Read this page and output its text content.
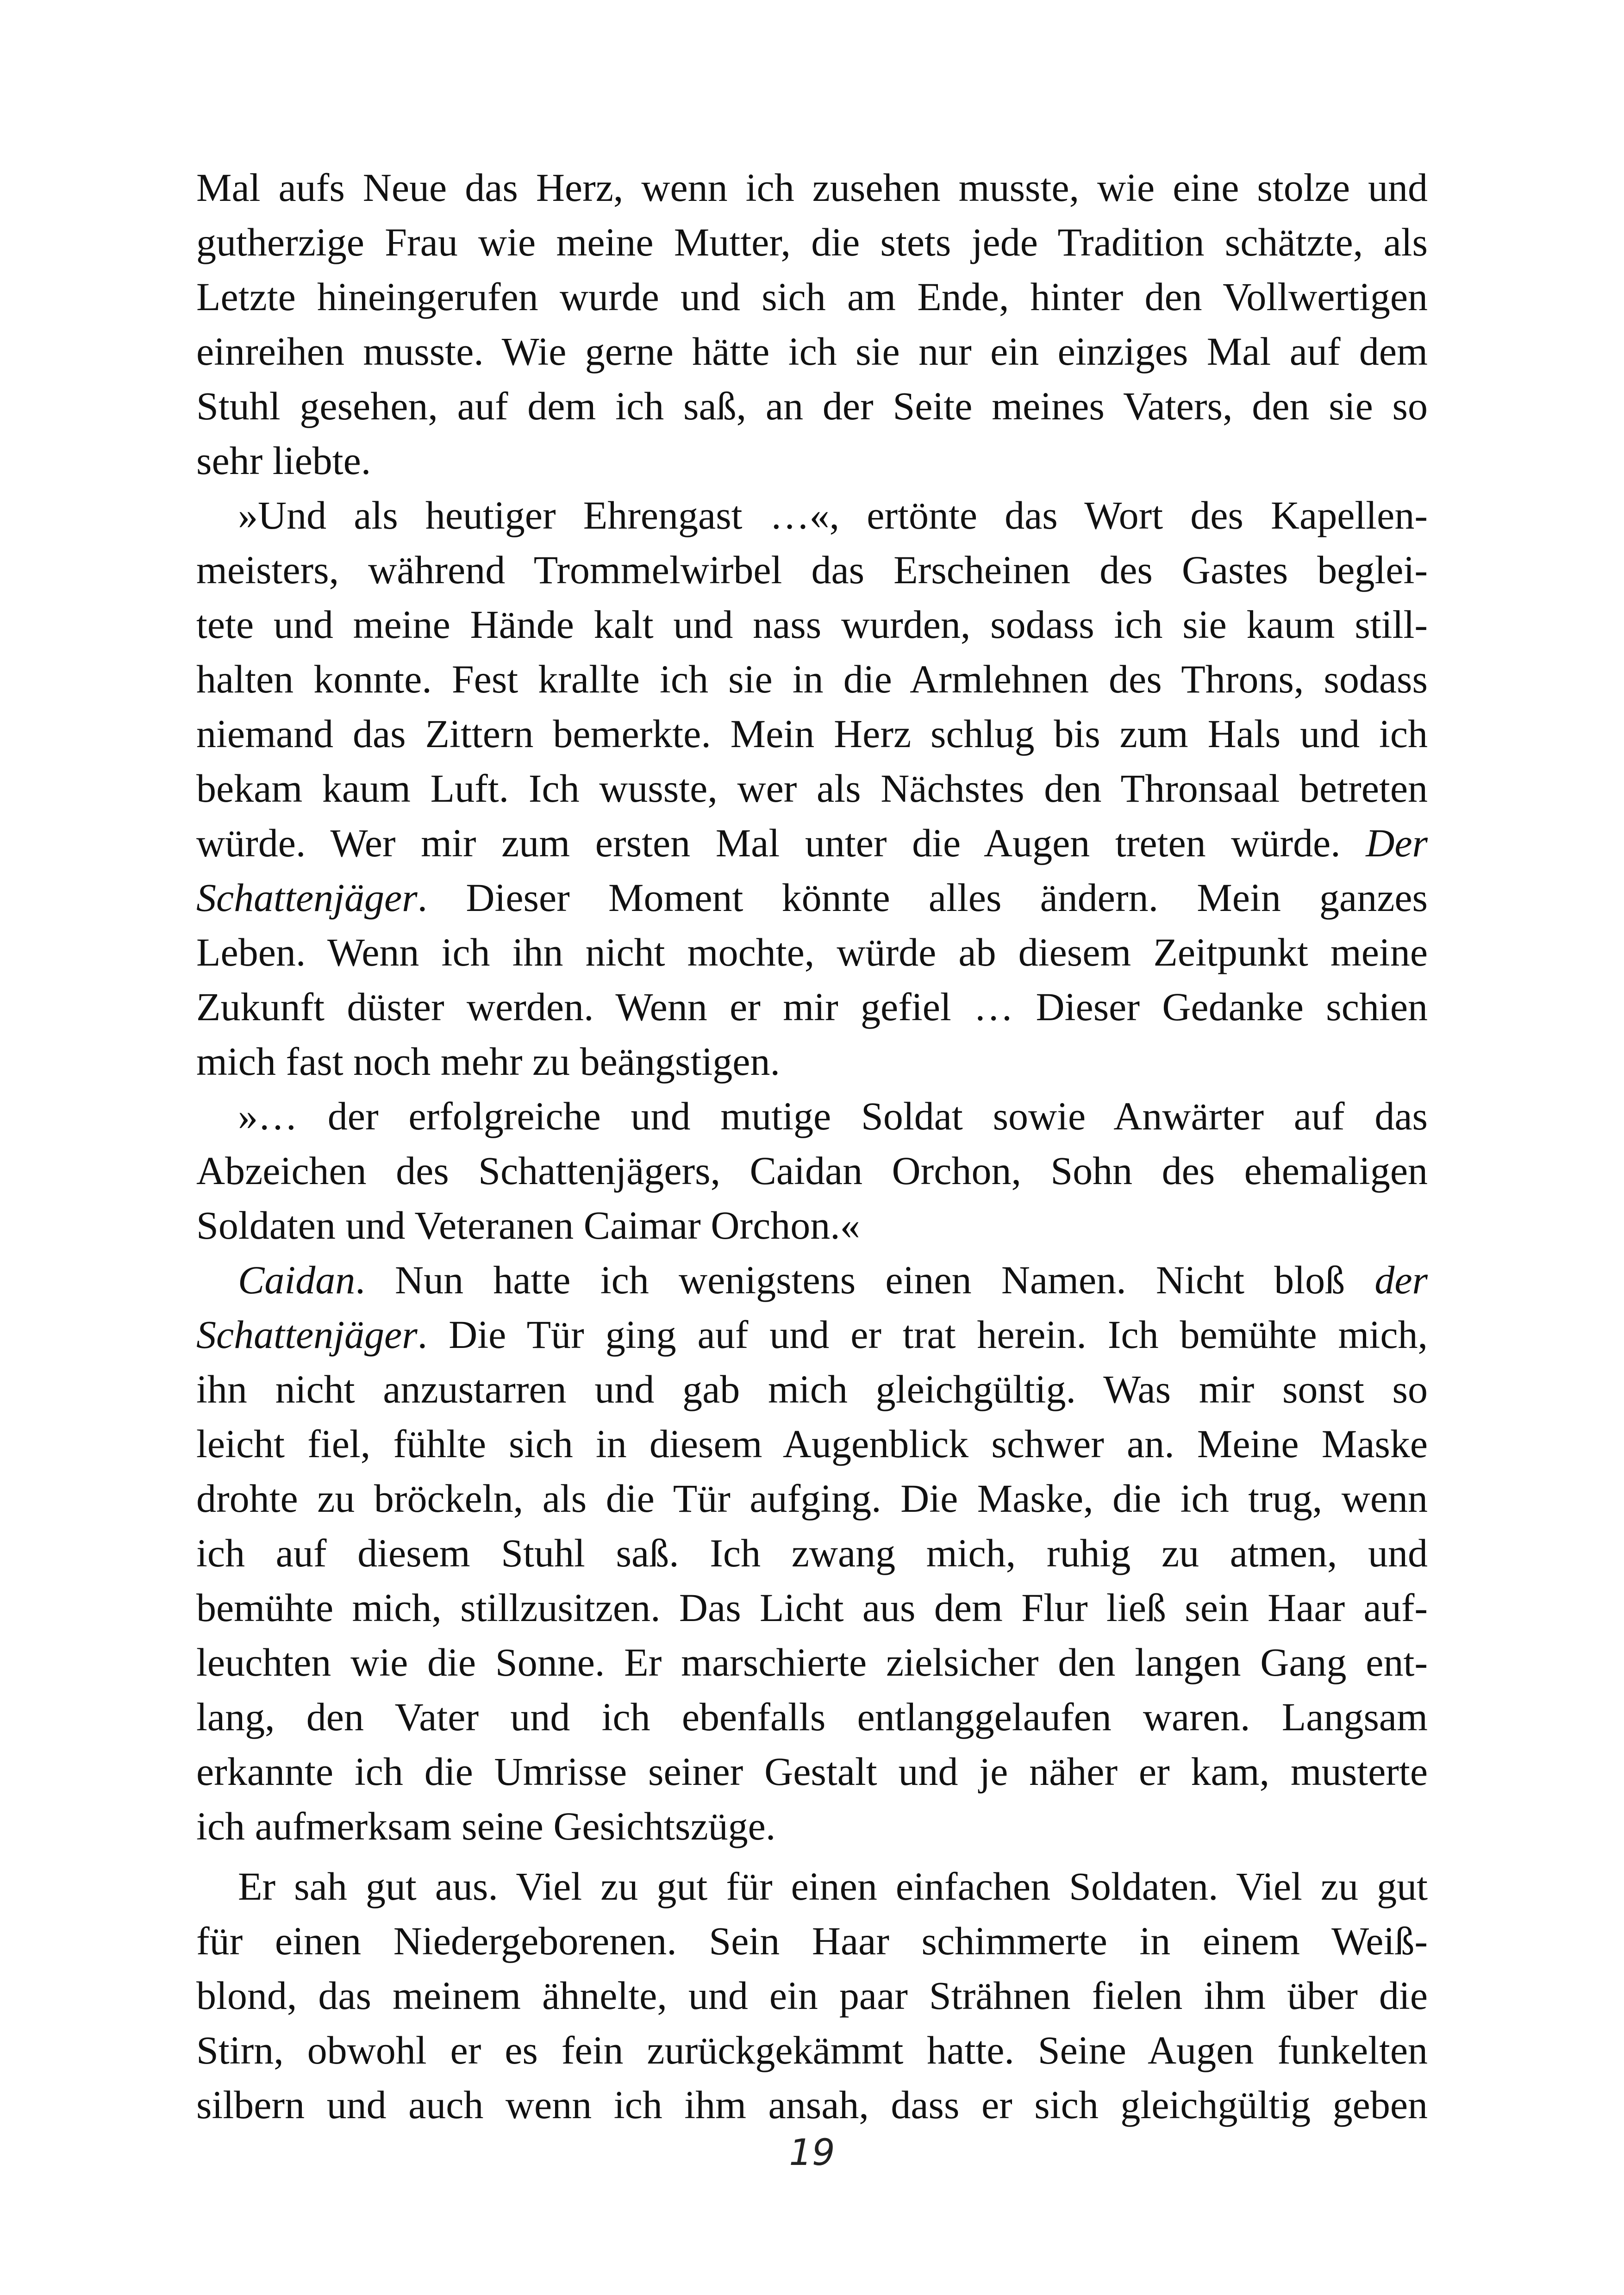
Mal aufs Neue das Herz, wenn ich zusehen musste, wie eine stolze und
gutherzige Frau wie meine Mutter, die stets jede Tradition schätzte, als
Letzte hineingerufen wurde und sich am Ende, hinter den Vollwertigen
einreihen musste. Wie gerne hätte ich sie nur ein einziges Mal auf dem
Stuhl gesehen, auf dem ich saß, an der Seite meines Vaters, den sie so
sehr liebte.
»Und als heutiger Ehrengast …«, ertönte das Wort des Kapellen-
meisters, während Trommelwirbel das Erscheinen des Gastes beglei-
tete und meine Hände kalt und nass wurden, sodass ich sie kaum still-
halten konnte. Fest krallte ich sie in die Armlehnen des Throns, sodass
niemand das Zittern bemerkte. Mein Herz schlug bis zum Hals und ich
bekam kaum Luft. Ich wusste, wer als Nächstes den Thronsaal betreten
würde. Wer mir zum ersten Mal unter die Augen treten würde. Der
Schattenjäger. Dieser Moment könnte alles ändern. Mein ganzes
Leben. Wenn ich ihn nicht mochte, würde ab diesem Zeitpunkt meine
Zukunft düster werden. Wenn er mir gefiel … Dieser Gedanke schien
mich fast noch mehr zu beängstigen.
»… der erfolgreiche und mutige Soldat sowie Anwärter auf das
Abzeichen des Schattenjägers, Caidan Orchon, Sohn des ehemaligen
Soldaten und Veteranen Caimar Orchon.«
Caidan. Nun hatte ich wenigstens einen Namen. Nicht bloß der
Schattenjäger. Die Tür ging auf und er trat herein. Ich bemühte mich,
ihn nicht anzustarren und gab mich gleichgültig. Was mir sonst so
leicht fiel, fühlte sich in diesem Augenblick schwer an. Meine Maske
drohte zu bröckeln, als die Tür aufging. Die Maske, die ich trug, wenn
ich auf diesem Stuhl saß. Ich zwang mich, ruhig zu atmen, und
bemühte mich, stillzusitzen. Das Licht aus dem Flur ließ sein Haar auf-
leuchten wie die Sonne. Er marschierte zielsicher den langen Gang ent-
lang, den Vater und ich ebenfalls entlanggelaufen waren. Langsam
erkannte ich die Umrisse seiner Gestalt und je näher er kam, musterte
ich aufmerksam seine Gesichtszüge.
Er sah gut aus. Viel zu gut für einen einfachen Soldaten. Viel zu gut
für einen Niedergeborenen. Sein Haar schimmerte in einem Weiß-
blond, das meinem ähnelte, und ein paar Strähnen fielen ihm über die
Stirn, obwohl er es fein zurückgekämmt hatte. Seine Augen funkelten
silbern und auch wenn ich ihm ansah, dass er sich gleichgültig geben
19
